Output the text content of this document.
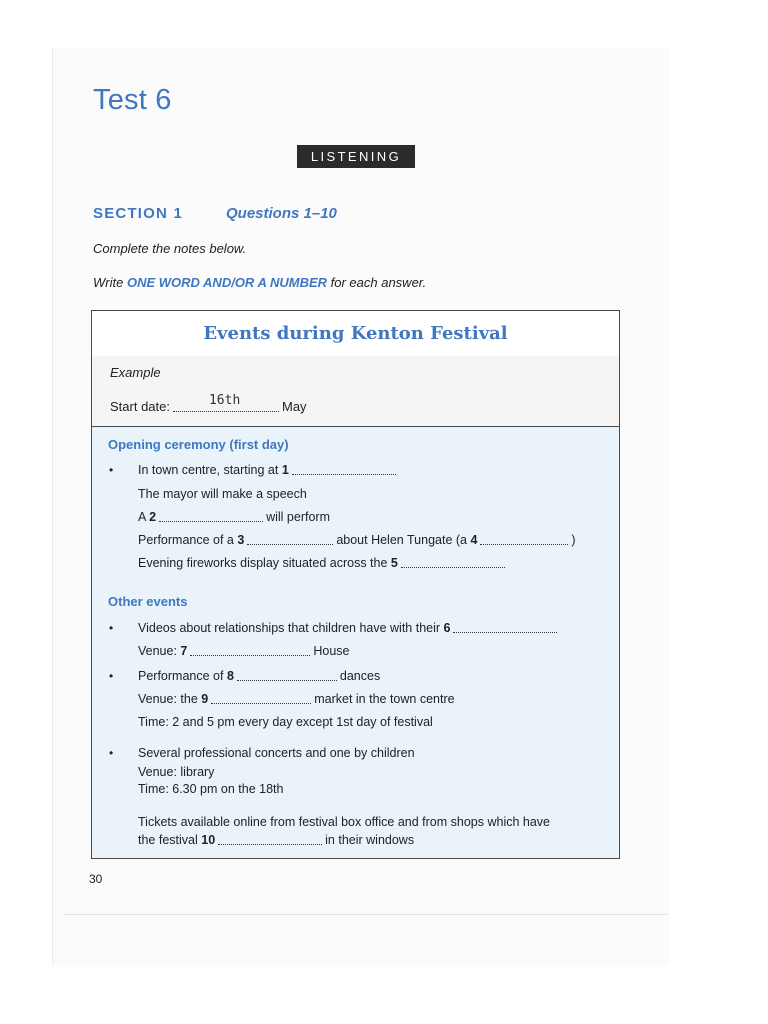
Test 6
LISTENING
SECTION 1	Questions 1–10
Complete the notes below.
Write ONE WORD AND/OR A NUMBER for each answer.
Events during Kenton Festival
Example
Start date:	16th	May
Opening ceremony (first day)
• In town centre, starting at 1
The mayor will make a speech
A 2	will perform
Performance of a 3	about Helen Tungate (a 4	)
Evening fireworks display situated across the 5
Other events
• Videos about relationships that children have with their 6
Venue: 7	House
• Performance of 8	dances
Venue: the 9	market in the town centre
Time: 2 and 5 pm every day except 1st day of festival
• Several professional concerts and one by children
Venue: library
Time: 6.30 pm on the 18th
Tickets available online from festival box office and from shops which have
the festival 10	in their windows
30
